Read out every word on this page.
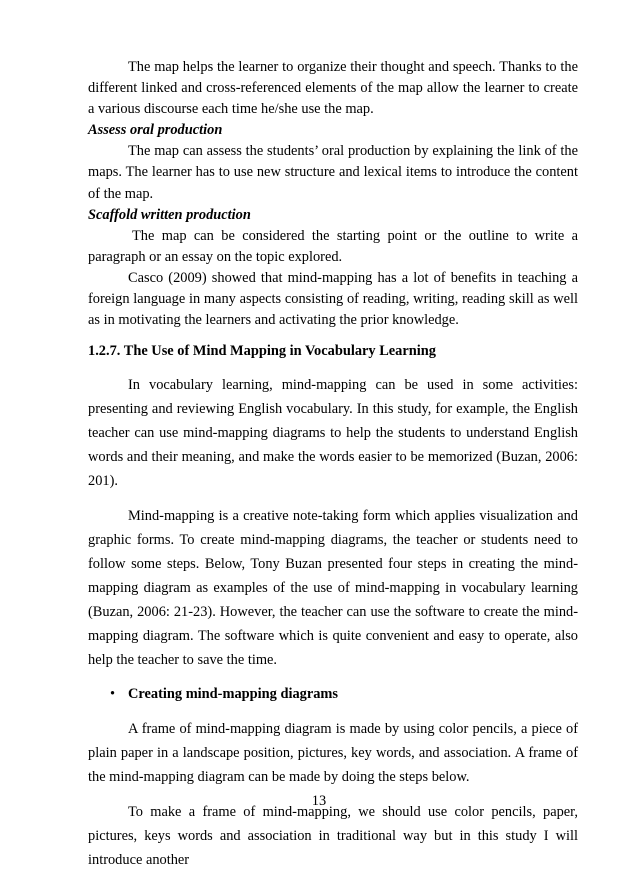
The map helps the learner to organize their thought and speech. Thanks to the different linked and cross-referenced elements of the map allow the learner to create a various discourse each time he/she use the map.

Assess oral production

The map can assess the students’ oral production by explaining the link of the maps. The learner has to use new structure and lexical items to introduce the content of the map.

Scaffold written production

The map can be considered the starting point or the outline to write a paragraph or an essay on the topic explored.

Casco (2009) showed that mind-mapping has a lot of benefits in teaching a foreign language in many aspects consisting of reading, writing, reading skill as well as in motivating the learners and activating the prior knowledge.

1.2.7. The Use of Mind Mapping in Vocabulary Learning

In vocabulary learning, mind-mapping can be used in some activities: presenting and reviewing English vocabulary. In this study, for example, the English teacher can use mind-mapping diagrams to help the students to understand English words and their meaning, and make the words easier to be memorized (Buzan, 2006: 201).

Mind-mapping is a creative note-taking form which applies visualization and graphic forms. To create mind-mapping diagrams, the teacher or students need to follow some steps. Below, Tony Buzan presented four steps in creating the mind-mapping diagram as examples of the use of mind-mapping in vocabulary learning (Buzan, 2006: 21-23). However, the teacher can use the software to create the mind-mapping diagram. The software which is quite convenient and easy to operate, also help the teacher to save the time.

• Creating mind-mapping diagrams

A frame of mind-mapping diagram is made by using color pencils, a piece of plain paper in a landscape position, pictures, key words, and association. A frame of the mind-mapping diagram can be made by doing the steps below.

To make a frame of mind-mapping, we should use color pencils, paper, pictures, keys words and association in traditional way but in this study I will introduce another

13
